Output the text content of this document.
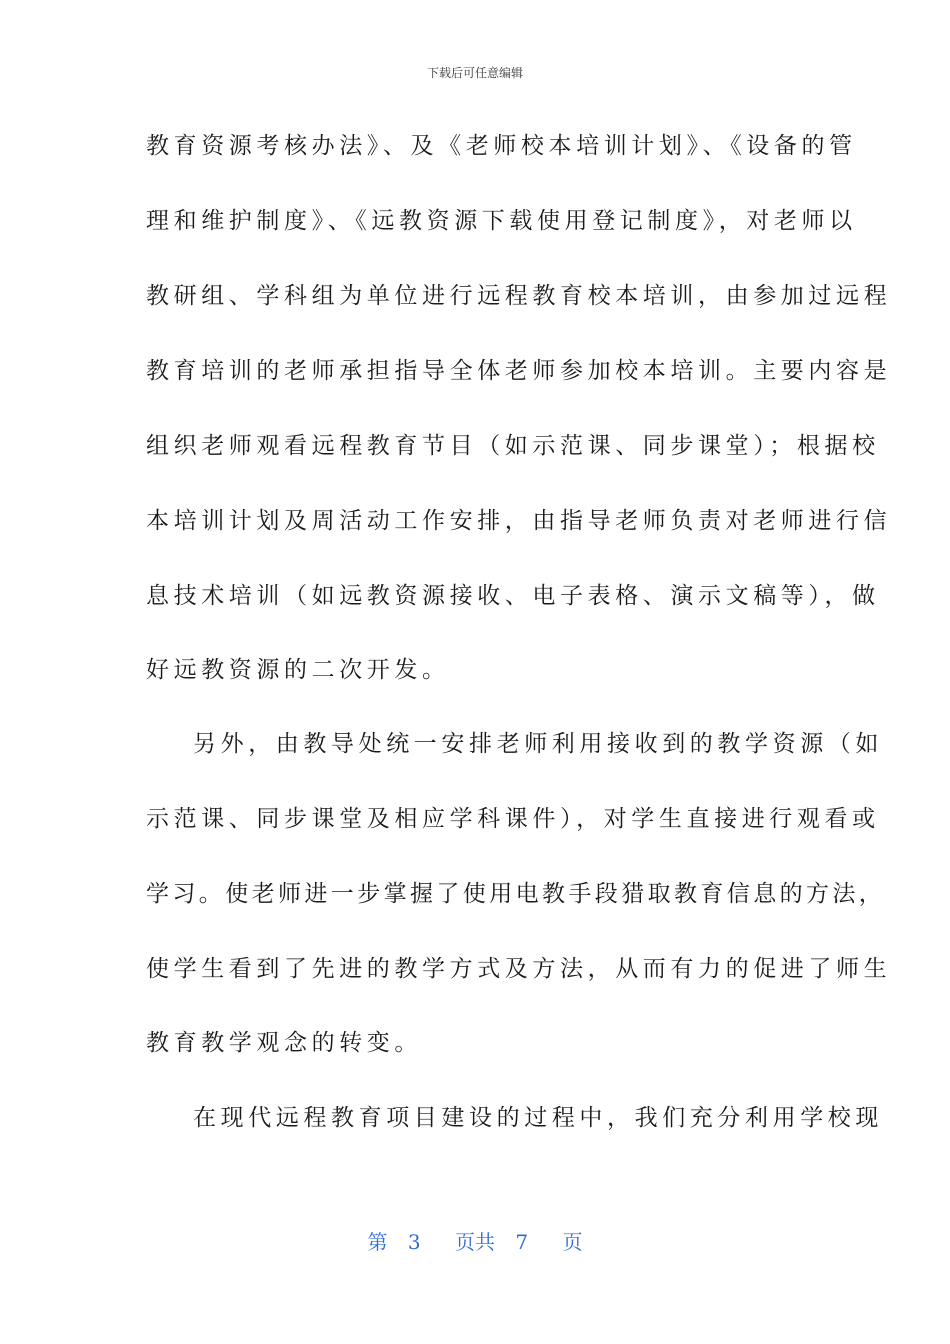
下载后可任意编辑
教育资源考核办法》、及《老师校本培训计划》、《设备的管
理和维护制度》、《远教资源下载使用登记制度》，对老师以
教研组、学科组为单位进行远程教育校本培训，由参加过远程
教育培训的老师承担指导全体老师参加校本培训。主要内容是
组织老师观看远程教育节目（如示范课、同步课堂）；根据校
本培训计划及周活动工作安排，由指导老师负责对老师进行信
息技术培训（如远教资源接收、电子表格、演示文稿等），做
好远教资源的二次开发。
另外，由教导处统一安排老师利用接收到的教学资源（如
示范课、同步课堂及相应学科课件），对学生直接进行观看或
学习。使老师进一步掌握了使用电教手段猎取教育信息的方法，
使学生看到了先进的教学方式及方法，从而有力的促进了师生
教育教学观念的转变。
在现代远程教育项目建设的过程中，我们充分利用学校现
第 3 页共 7 页
